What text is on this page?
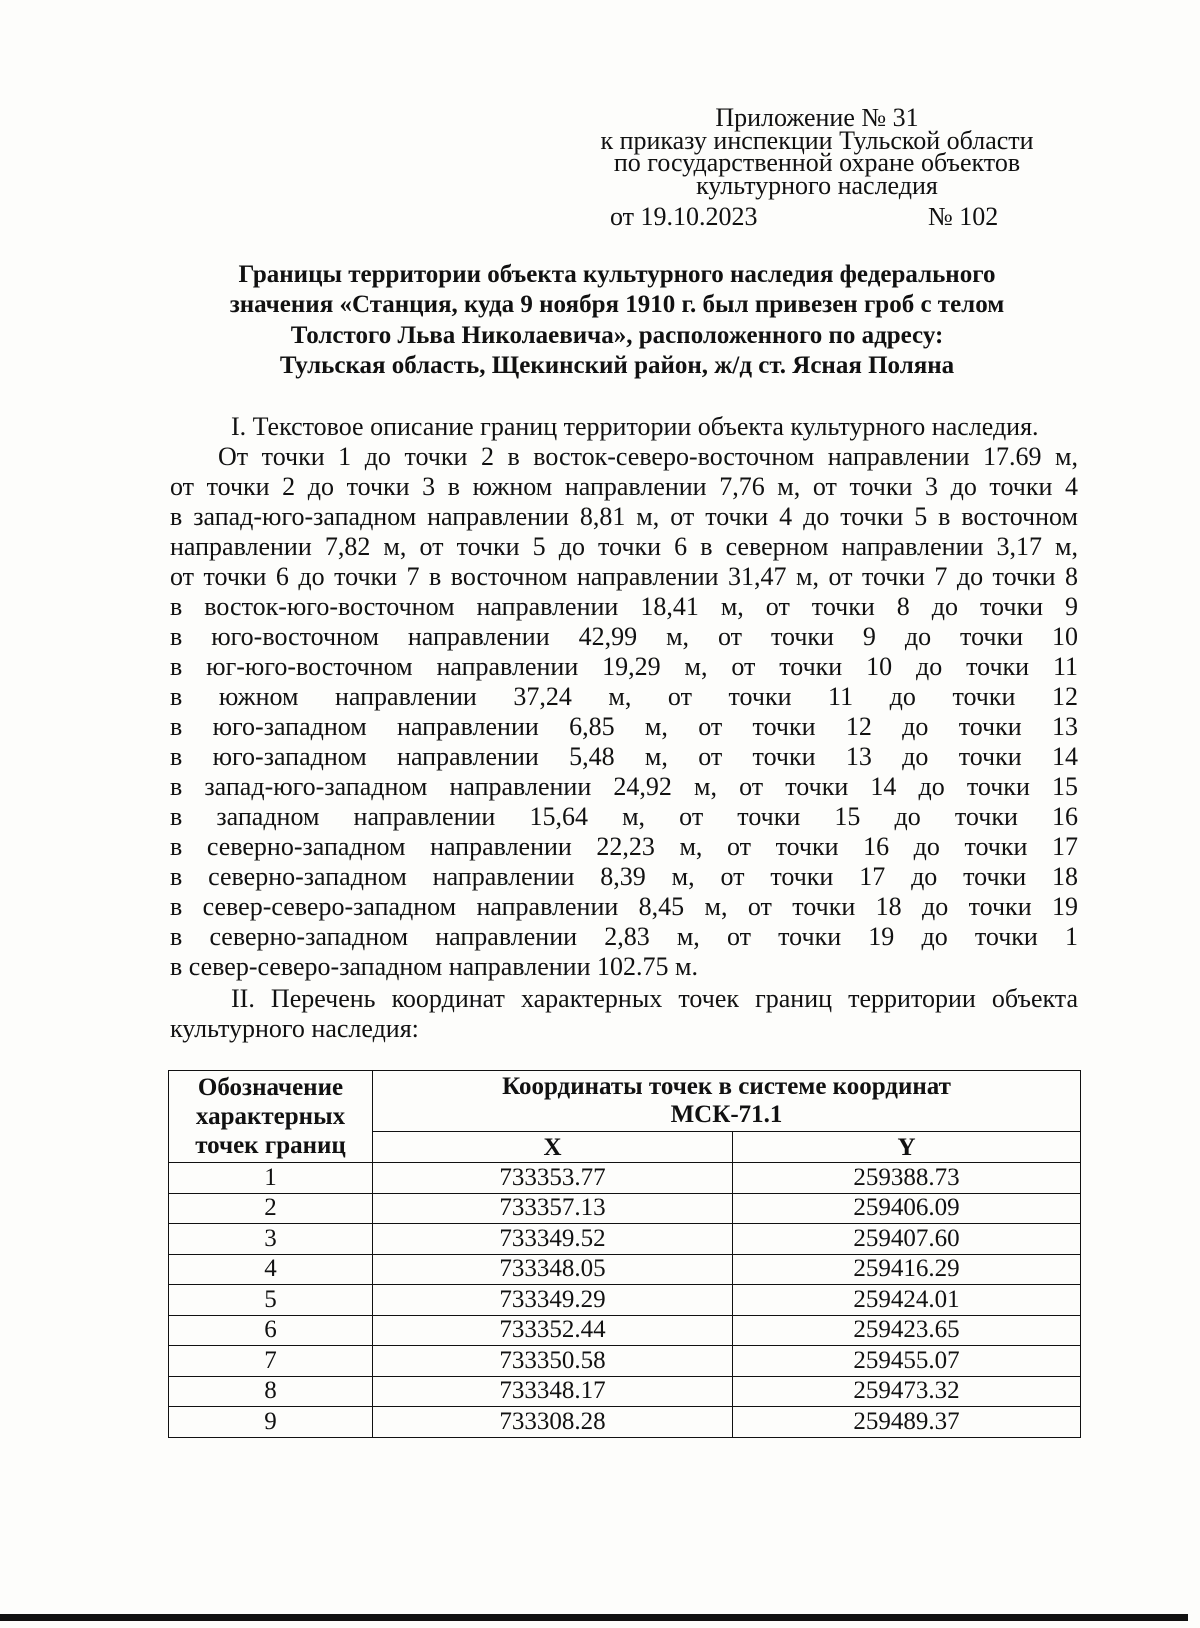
Приложение № 31
к приказу инспекции Тульской области
по государственной охране объектов
культурного наследия
от 19.10.2023	№ 102
Границы территории объекта культурного наследия федерального
значения «Станция, куда 9 ноября 1910 г. был привезен гроб с телом
Толстого Льва Николаевича», расположенного по адресу:
Тульская область, Щекинский район, ж/д ст. Ясная Поляна
I. Текстовое описание границ территории объекта культурного наследия.
От точки 1 до точки 2 в восток-северо-восточном направлении 17.69 м,
от точки 2 до точки 3 в южном направлении 7,76 м, от точки 3 до точки 4
в запад-юго-западном направлении 8,81 м, от точки 4 до точки 5 в восточном
направлении 7,82 м, от точки 5 до точки 6 в северном направлении 3,17 м,
от точки 6 до точки 7 в восточном направлении 31,47 м, от точки 7 до точки 8
в восток-юго-восточном направлении 18,41 м, от точки 8 до точки 9
в юго-восточном направлении 42,99 м, от точки 9 до точки 10
в юг-юго-восточном направлении 19,29 м, от точки 10 до точки 11
в южном направлении 37,24 м, от точки 11 до точки 12
в юго-западном направлении 6,85 м, от точки 12 до точки 13
в юго-западном направлении 5,48 м, от точки 13 до точки 14
в запад-юго-западном направлении 24,92 м, от точки 14 до точки 15
в западном направлении 15,64 м, от точки 15 до точки 16
в северно-западном направлении 22,23 м, от точки 16 до точки 17
в северно-западном направлении 8,39 м, от точки 17 до точки 18
в север-северо-западном направлении 8,45 м, от точки 18 до точки 19
в северно-западном направлении 2,83 м, от точки 19 до точки 1
в север-северо-западном направлении 102.75 м.
II. Перечень координат характерных точек границ территории объекта
культурного наследия:
Обозначение
характерных
точек границ	Координаты точек в системе координат
МСК-71.1	

	X	Y
1	733353.77	259388.73
2	733357.13	259406.09
3	733349.52	259407.60
4	733348.05	259416.29
5	733349.29	259424.01
6	733352.44	259423.65
7	733350.58	259455.07
8	733348.17	259473.32
9	733308.28	259489.37
